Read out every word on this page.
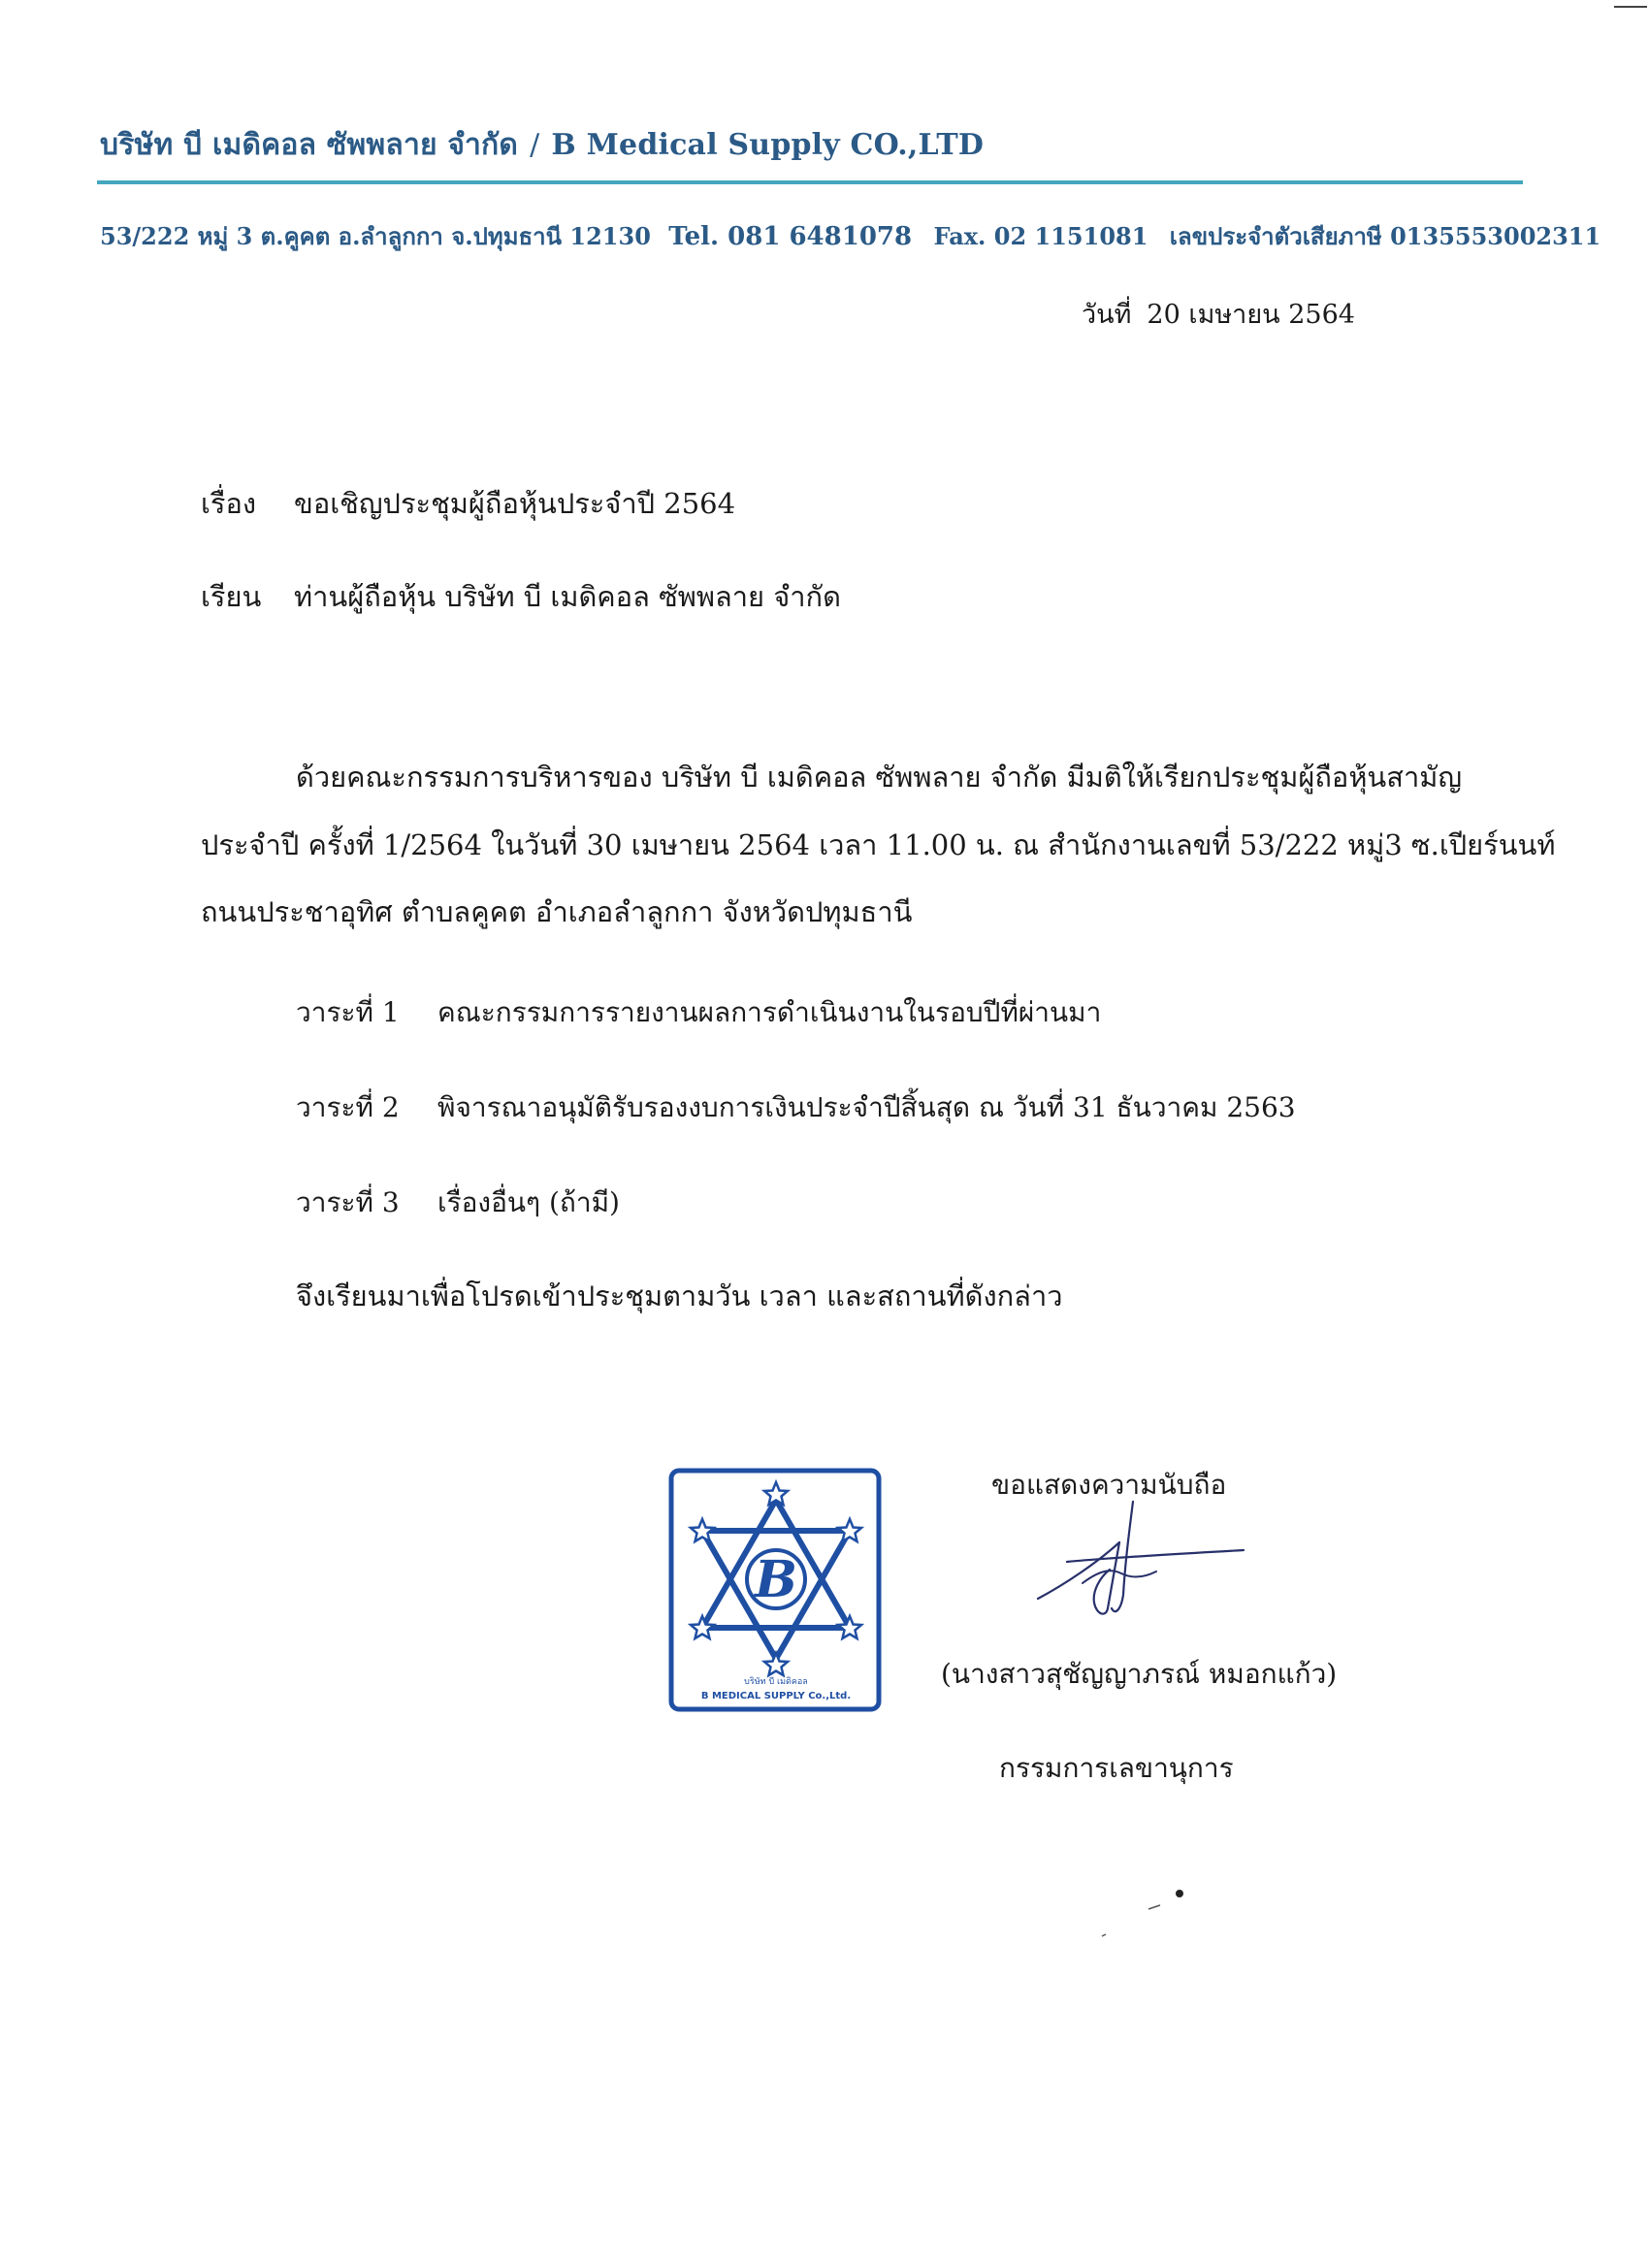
บริษัท บี เมดิคอล ซัพพลาย จำกัด / B Medical Supply CO.,LTD
53/222 หมู่ 3 ต.คูคต อ.ลำลูกกา จ.ปทุมธานี 12130 Tel. 081 6481078 Fax. 02 1151081 เลขประจำตัวเสียภาษี 0135553002311
วันที่ 20 เมษายน 2564
เรื่อง ขอเชิญประชุมผู้ถือหุ้นประจำปี 2564
เรียน ท่านผู้ถือหุ้น บริษัท บี เมดิคอล ซัพพลาย จำกัด
ด้วยคณะกรรมการบริหารของ บริษัท บี เมดิคอล ซัพพลาย จำกัด มีมติให้เรียกประชุมผู้ถือหุ้นสามัญ
ประจำปี ครั้งที่ 1/2564 ในวันที่ 30 เมษายน 2564 เวลา 11.00 น. ณ สำนักงานเลขที่ 53/222 หมู่3 ซ.เปียร์นนท์
ถนนประชาอุทิศ ตำบลคูคต อำเภอลำลูกกา จังหวัดปทุมธานี
วาระที่ 1 คณะกรรมการรายงานผลการดำเนินงานในรอบปีที่ผ่านมา
วาระที่ 2 พิจารณาอนุมัติรับรองงบการเงินประจำปีสิ้นสุด ณ วันที่ 31 ธันวาคม 2563
วาระที่ 3 เรื่องอื่นๆ (ถ้ามี)
จึงเรียนมาเพื่อโปรดเข้าประชุมตามวัน เวลา และสถานที่ดังกล่าว
B
บริษัท บี เมดิคอล
B MEDICAL SUPPLY Co.,Ltd.
ขอแสดงความนับถือ
(นางสาวสุชัญญาภรณ์ หมอกแก้ว)
กรรมการเลขานุการ
